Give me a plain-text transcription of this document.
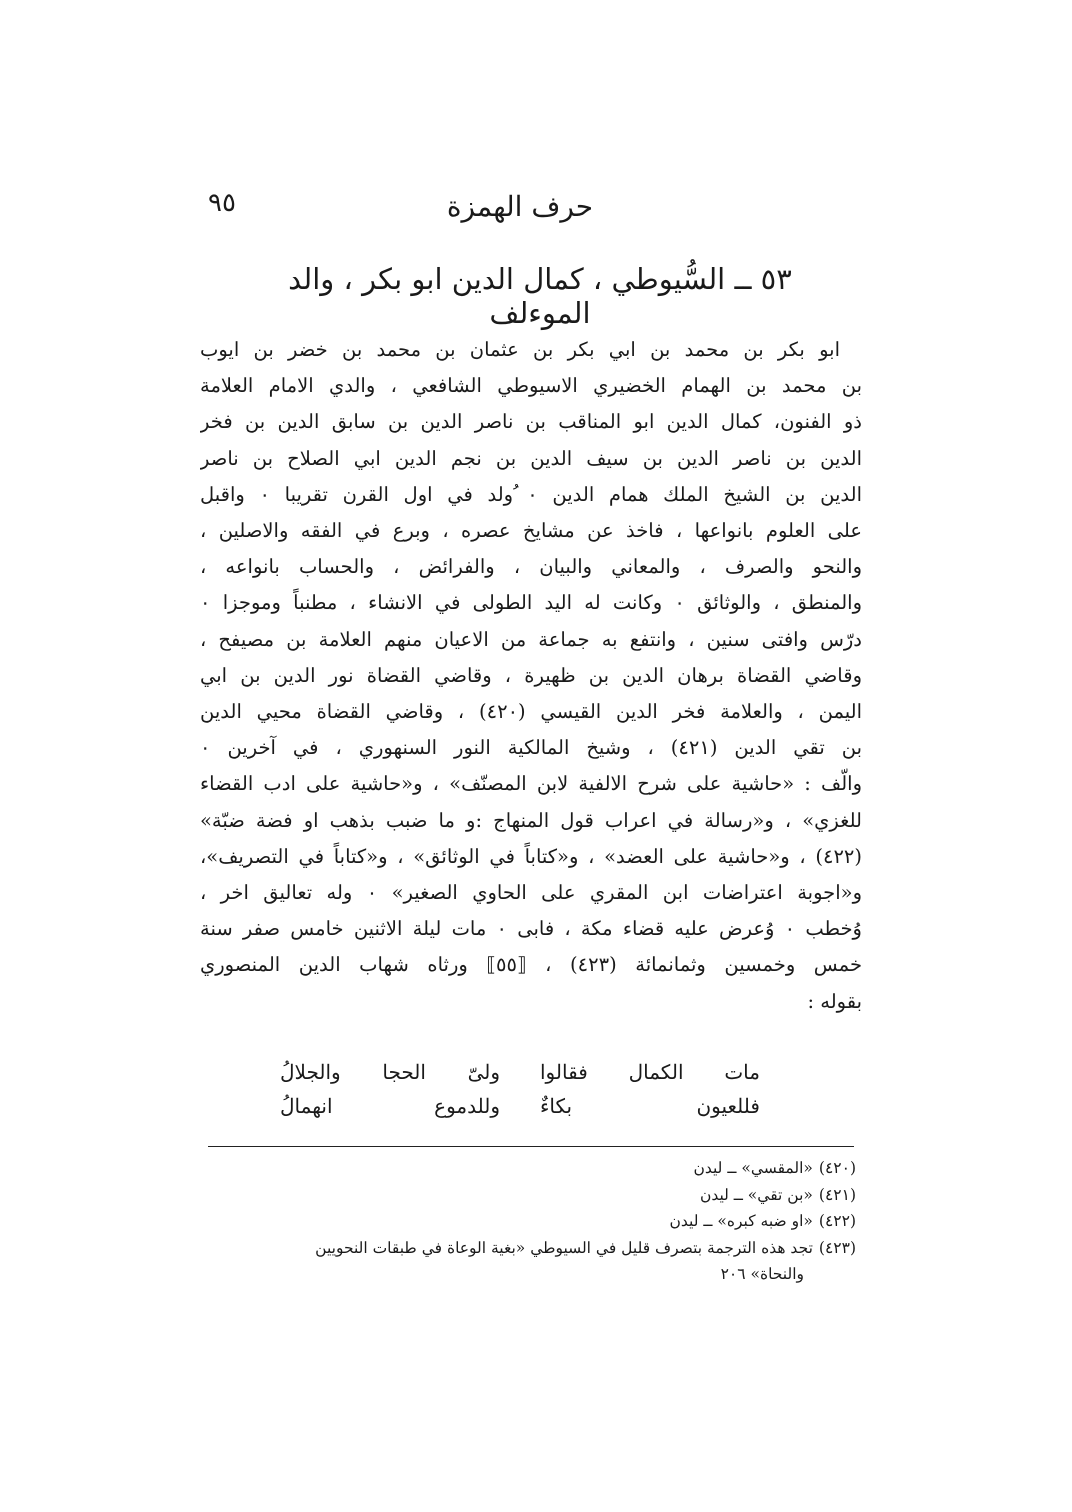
حرف الهمزة
٩٥
٥٣ ــ السُّيوطي ، كمال الدين ابو بكر ، والد الموءلف
ابو بكر بن محمد بن ابي بكر بن عثمان بن محمد بن خضر بن ايوب
بن محمد بن الهمام الخضيري الاسيوطي الشافعي ، والدي الامام العلامة
ذو الفنون، كمال الدين ابو المناقب بن ناصر الدين بن سابق الدين بن فخر
الدين بن ناصر الدين بن سيف الدين بن نجم الدين ابي الصلاح بن ناصر
الدين بن الشيخ الملك همام الدين ٠ ُولد في اول القرن تقريبا ٠ واقبل
على العلوم بانواعها ، فاخذ عن مشايخ عصره ، وبرع في الفقه والاصلين ،
والنحو والصرف ، والمعاني والبيان ، والفرائض ، والحساب بانواعه ،
والمنطق ، والوثائق ٠ وكانت له اليد الطولى في الانشاء ، مطنباً وموجزا ٠
درّس وافتى سنين ، وانتفع به جماعة من الاعيان منهم العلامة بن مصيفح ،
وقاضي القضاة برهان الدين بن ظهيرة ، وقاضي القضاة نور الدين بن ابي
اليمن ، والعلامة فخر الدين القيسي (٤٢٠) ، وقاضي القضاة محيي الدين
بن تقي الدين (٤٢١) ، وشيخ المالكية النور السنهوري ، في آخرين ٠
والّف : «حاشية على شرح الالفية لابن المصنّف» ، و«حاشية على ادب القضاء
للغزي» ، و«رسالة في اعراب قول المنهاج :و ما ضبب بذهب او فضة ضبّة»
(٤٢٢) ، و«حاشية على العضد» ، و«كتاباً في الوثائق» ، و«كتاباً في التصريف»،
و«اجوبة اعتراضات ابن المقري على الحاوي الصغير» ٠ وله تعاليق اخر ،
وُخطب ٠ وُعرض عليه قضاء مكة ، فابى ٠ مات ليلة الاثنين خامس صفر سنة
خمس وخمسين وثمانمائة (٤٢٣) ، ⟦٥٥⟧ ورثاه شهاب الدين المنصوري
بقوله :
مات الكمال فقالوا
ولىّ الحجا والجلالُ
فللعيون بكاءٌ
وللدموع انهمالُ
(٤٢٠)«المقسي» ــ ليدن
(٤٢١)«بن تقي» ــ ليدن
(٤٢٢)«او ضبه كبره» ــ ليدن
(٤٢٣)تجد هذه الترجمة بتصرف قليل في السيوطي «بغية الوعاة في طبقات النحويين
والنحاة» ٢٠٦
